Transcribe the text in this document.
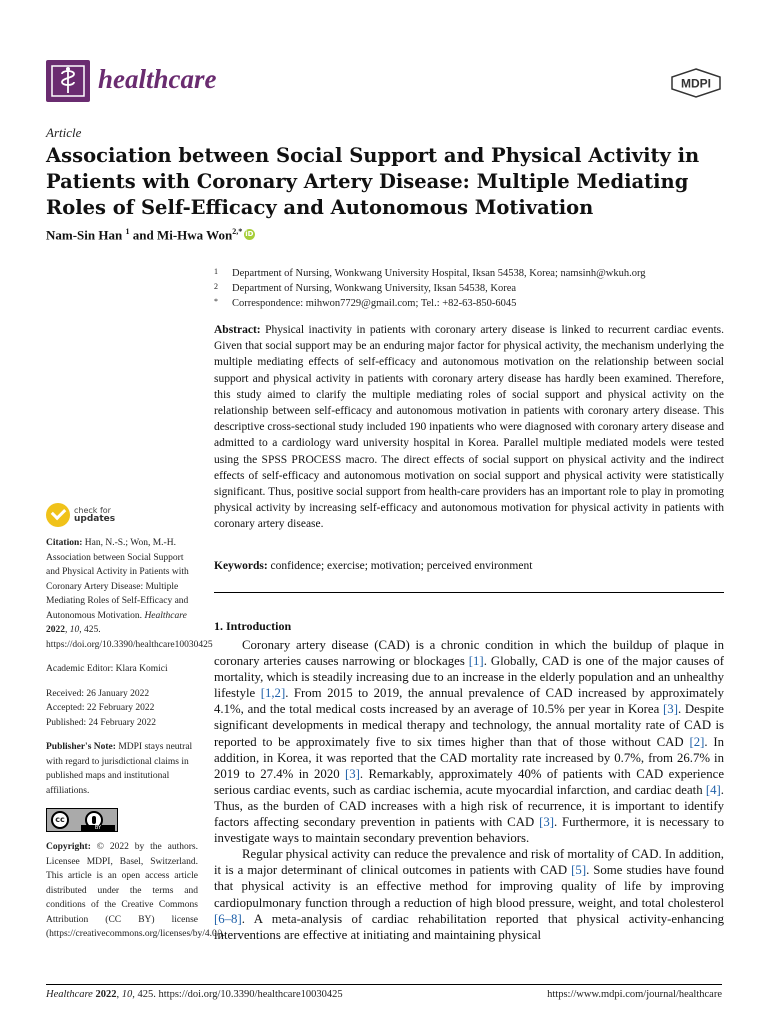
healthcare	MDPI
Article
Association between Social Support and Physical Activity in Patients with Coronary Artery Disease: Multiple Mediating Roles of Self-Efficacy and Autonomous Motivation
Nam-Sin Han $^1$ and Mi-Hwa Won$^{2,*}$iD
1	Department of Nursing, Wonkwang University Hospital, Iksan 54538, Korea; namsinh@wkuh.org
2	Department of Nursing, Wonkwang University, Iksan 54538, Korea
*	Correspondence: mihwon7729@gmail.com; Tel.: +82-63-850-6045
Abstract: Physical inactivity in patients with coronary artery disease is linked to recurrent cardiac events. Given that social support may be an enduring major factor for physical activity, the mechanism underlying the multiple mediating effects of self-efficacy and autonomous motivation on the relationship between social support and physical activity in patients with coronary artery disease has hardly been examined. Therefore, this study aimed to clarify the multiple mediating roles of social support and physical activity on the relationship between self-efficacy and autonomous motivation in patients with coronary artery disease. This descriptive cross-sectional study included 190 inpatients who were diagnosed with coronary artery disease and admitted to a cardiology ward university hospital in Korea. Parallel multiple mediated models were tested using the SPSS PROCESS macro. The direct effects of social support on physical activity and the indirect effects of self-efficacy and autonomous motivation on social support and physical activity were statistically significant. Thus, positive social support from health-care providers has an important role to play in promoting physical activity by increasing self-efficacy and autonomous motivation for physical activity in patients with coronary artery disease.
Keywords: confidence; exercise; motivation; perceived environment
1. Introduction

Coronary artery disease (CAD) is a chronic condition in which the buildup of plaque in coronary arteries causes narrowing or blockages [1]. Globally, CAD is one of the major causes of mortality, which is steadily increasing due to an increase in the elderly population and an unhealthy lifestyle [1,2]. From 2015 to 2019, the annual prevalence of CAD increased by approximately 4.1%, and the total medical costs increased by an average of 10.5% per year in Korea [3]. Despite significant developments in medical therapy and technology, the annual mortality rate of CAD is reported to be approximately five to six times higher than that of those without CAD [2]. In addition, in Korea, it was reported that the CAD mortality rate increased by 0.7%, from 26.7% in 2019 to 27.4% in 2020 [3]. Remarkably, approximately 40% of patients with CAD experience serious cardiac events, such as cardiac ischemia, acute myocardial infarction, and cardiac death [4]. Thus, as the burden of CAD increases with a high risk of recurrence, it is important to identify factors affecting secondary prevention in patients with CAD [3]. Furthermore, it is necessary to investigate ways to maintain secondary prevention behaviors.

Regular physical activity can reduce the prevalence and risk of mortality of CAD. In addition, it is a major determinant of clinical outcomes in patients with CAD [5]. Some studies have found that physical activity is an effective method for improving quality of life by improving cardiopulmonary function through a reduction of high blood pressure, weight, and total cholesterol [6–8]. A meta-analysis of cardiac rehabilitation reported that physical activity-enhancing interventions are effective at initiating and maintaining physical

check for
updates
Citation: Han, N.-S.; Won, M.-H. Association between Social Support and Physical Activity in Patients with Coronary Artery Disease: Multiple Mediating Roles of Self-Efficacy and Autonomous Motivation. Healthcare 2022, 10, 425. https://doi.org/10.3390/healthcare10030425
Academic Editor: Klara Komici
Received: 26 January 2022
Accepted: 22 February 2022
Published: 24 February 2022
Publisher's Note: MDPI stays neutral with regard to jurisdictional claims in published maps and institutional affiliations.
cc
BY
Copyright: © 2022 by the authors. Licensee MDPI, Basel, Switzerland. This article is an open access article distributed under the terms and conditions of the Creative Commons Attribution (CC BY) license (https://creativecommons.org/licenses/by/4.0/).
Healthcare 2022, 10, 425. https://doi.org/10.3390/healthcare10030425	https://www.mdpi.com/journal/healthcare
